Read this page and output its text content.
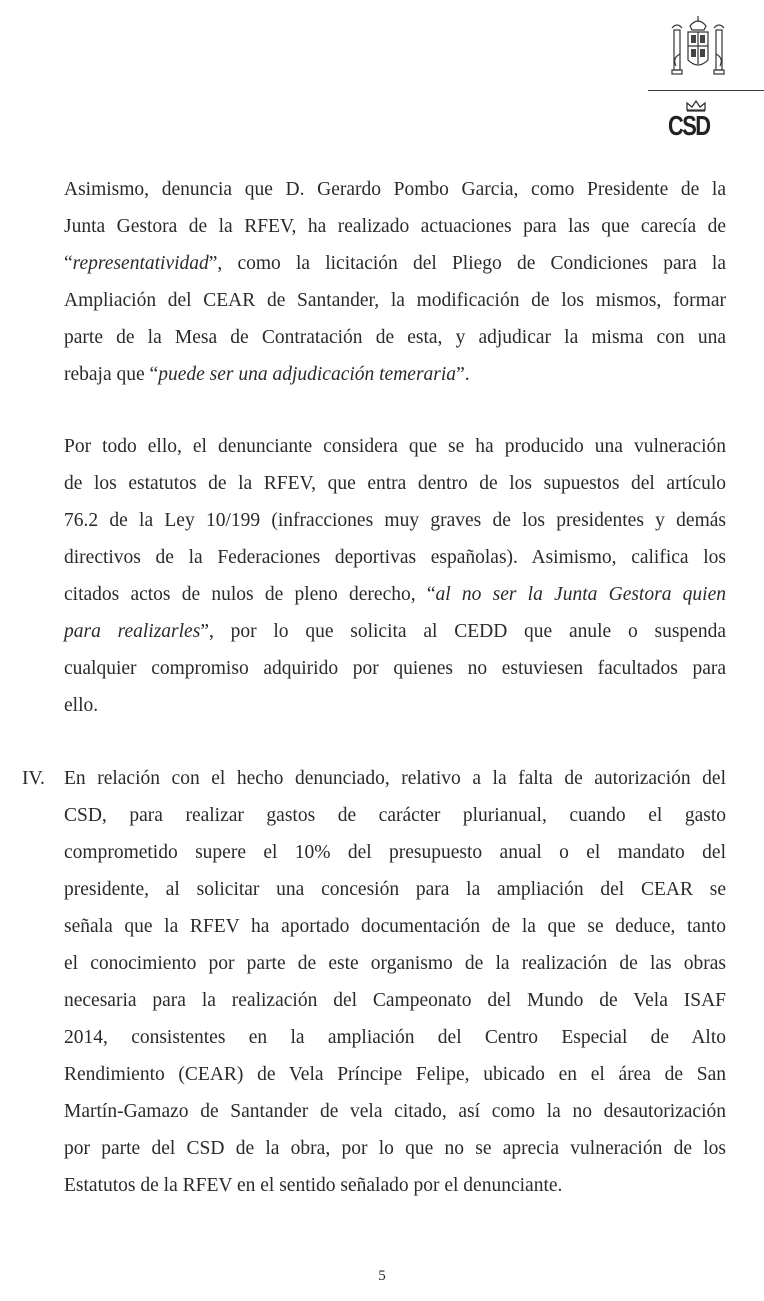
CSD
Asimismo, denuncia que D. Gerardo Pombo Garcia, como Presidente de la
Junta Gestora de la RFEV, ha realizado actuaciones para las que carecía de
“representatividad”, como la licitación del Pliego de Condiciones para la
Ampliación del CEAR de Santander, la modificación de los mismos, formar
parte de la Mesa de Contratación de esta, y adjudicar la misma con una
rebaja que “puede ser una adjudicación temeraria”.
Por todo ello, el denunciante considera que se ha producido una vulneración
de los estatutos de la RFEV, que entra dentro de los supuestos del artículo
76.2 de la Ley 10/199 (infracciones muy graves de los presidentes y demás
directivos de la Federaciones deportivas españolas). Asimismo, califica los
citados actos de nulos de pleno derecho, “al no ser la Junta Gestora quien
para realizarles”, por lo que solicita al CEDD que anule o suspenda
cualquier compromiso adquirido por quienes no estuviesen facultados para
ello.
IV. En relación con el hecho denunciado, relativo a la falta de autorización del
CSD, para realizar gastos de carácter plurianual, cuando el gasto
comprometido supere el 10% del presupuesto anual o el mandato del
presidente, al solicitar una concesión para la ampliación del CEAR se
señala que la RFEV ha aportado documentación de la que se deduce, tanto
el conocimiento por parte de este organismo de la realización de las obras
necesaria para la realización del Campeonato del Mundo de Vela ISAF
2014, consistentes en la ampliación del Centro Especial de Alto
Rendimiento (CEAR) de Vela Príncipe Felipe, ubicado en el área de San
Martín-Gamazo de Santander de vela citado, así como la no desautorización
por parte del CSD de la obra, por lo que no se aprecia vulneración de los
Estatutos de la RFEV en el sentido señalado por el denunciante.
5
